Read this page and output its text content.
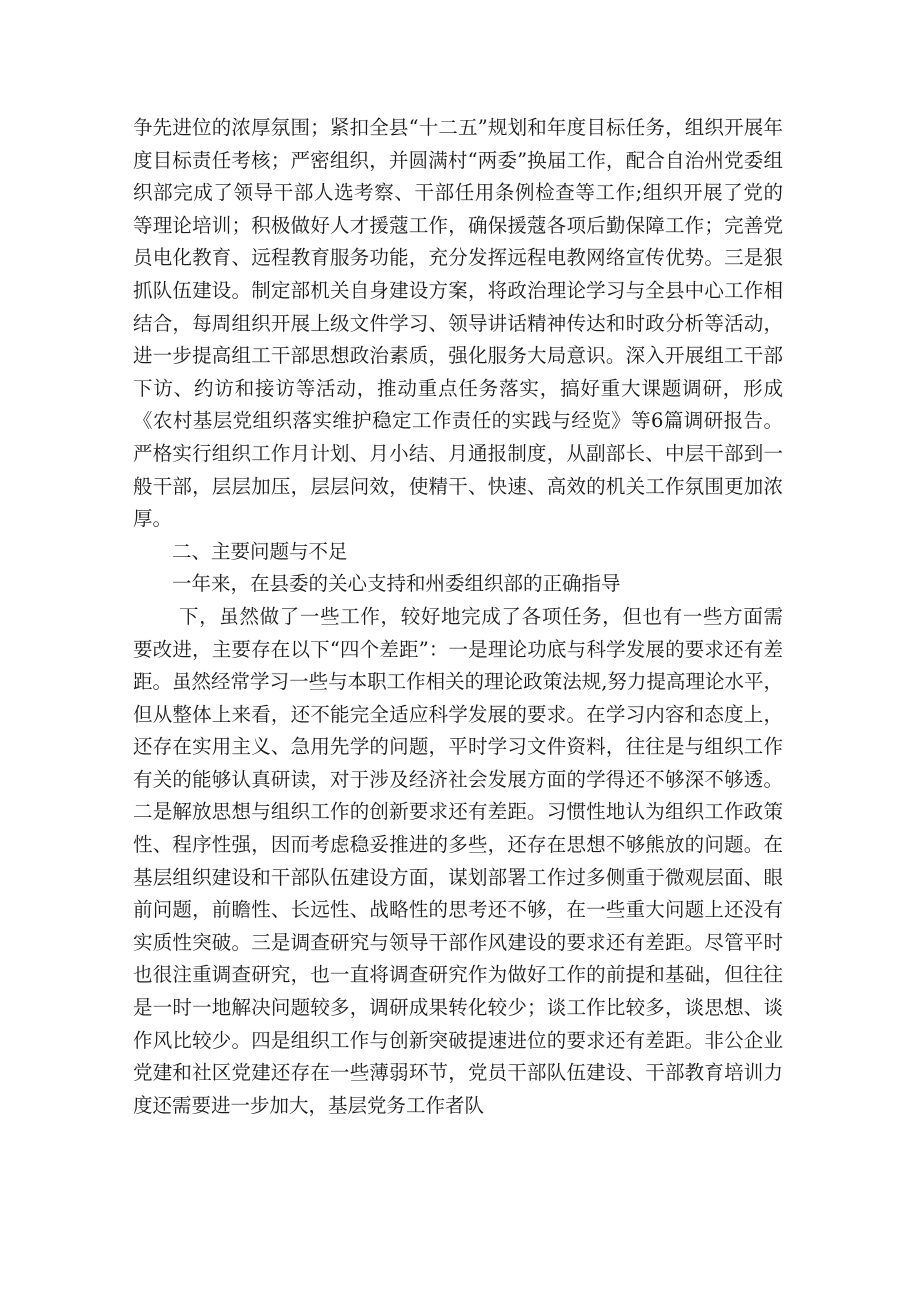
争先进位的浓厚氛围；紧扣全县“十二五”规划和年度目标任务，组织开展年度目标责任考核；严密组织，并圆满村“两委”换届工作，配合自治州党委组织部完成了领导干部人选考察、干部任用条例检查等工作;组织开展了党的等理论培训；积极做好人才援蔻工作，确保援蔻各项后勤保障工作；完善党员电化教育、远程教育服务功能，充分发挥远程电教网络宣传优势。三是狠抓队伍建设。制定部机关自身建设方案，将政治理论学习与全县中心工作相结合，每周组织开展上级文件学习、领导讲话精神传达和时政分析等活动，进一步提高组工干部思想政治素质，强化服务大局意识。深入开展组工干部下访、约访和接访等活动，推动重点任务落实，搞好重大课题调研，形成《农村基层党组织落实维护稳定工作责任的实践与经览》等6篇调研报告。严格实行组织工作月计划、月小结、月通报制度，从副部长、中层干部到一般干部，层层加压，层层问效，使精干、快速、高效的机关工作氛围更加浓厚。

二、主要问题与不足

一年来，在县委的关心支持和州委组织部的正确指导

下，虽然做了一些工作，较好地完成了各项任务，但也有一些方面需要改进，主要存在以下“四个差距”：一是理论功底与科学发展的要求还有差距。虽然经常学习一些与本职工作相关的理论政策法规,努力提高理论水平，但从整体上来看，还不能完全适应科学发展的要求。在学习内容和态度上，还存在实用主义、急用先学的问题，平时学习文件资料，往往是与组织工作有关的能够认真研读，对于涉及经济社会发展方面的学得还不够深不够透。二是解放思想与组织工作的创新要求还有差距。习惯性地认为组织工作政策性、程序性强，因而考虑稳妥推进的多些，还存在思想不够熊放的问题。在基层组织建设和干部队伍建设方面，谋划部署工作过多侧重于微观层面、眼前问题，前瞻性、长远性、战略性的思考还不够，在一些重大问题上还没有实质性突破。三是调查研究与领导干部作风建设的要求还有差距。尽管平时也很注重调查研究，也一直将调查研究作为做好工作的前提和基础，但往往是一时一地解决问题较多，调研成果转化较少；谈工作比较多，谈思想、谈作风比较少。四是组织工作与创新突破提速进位的要求还有差距。非公企业党建和社区党建还存在一些薄弱环节，党员干部队伍建设、干部教育培训力度还需要进一步加大，基层党务工作者队
